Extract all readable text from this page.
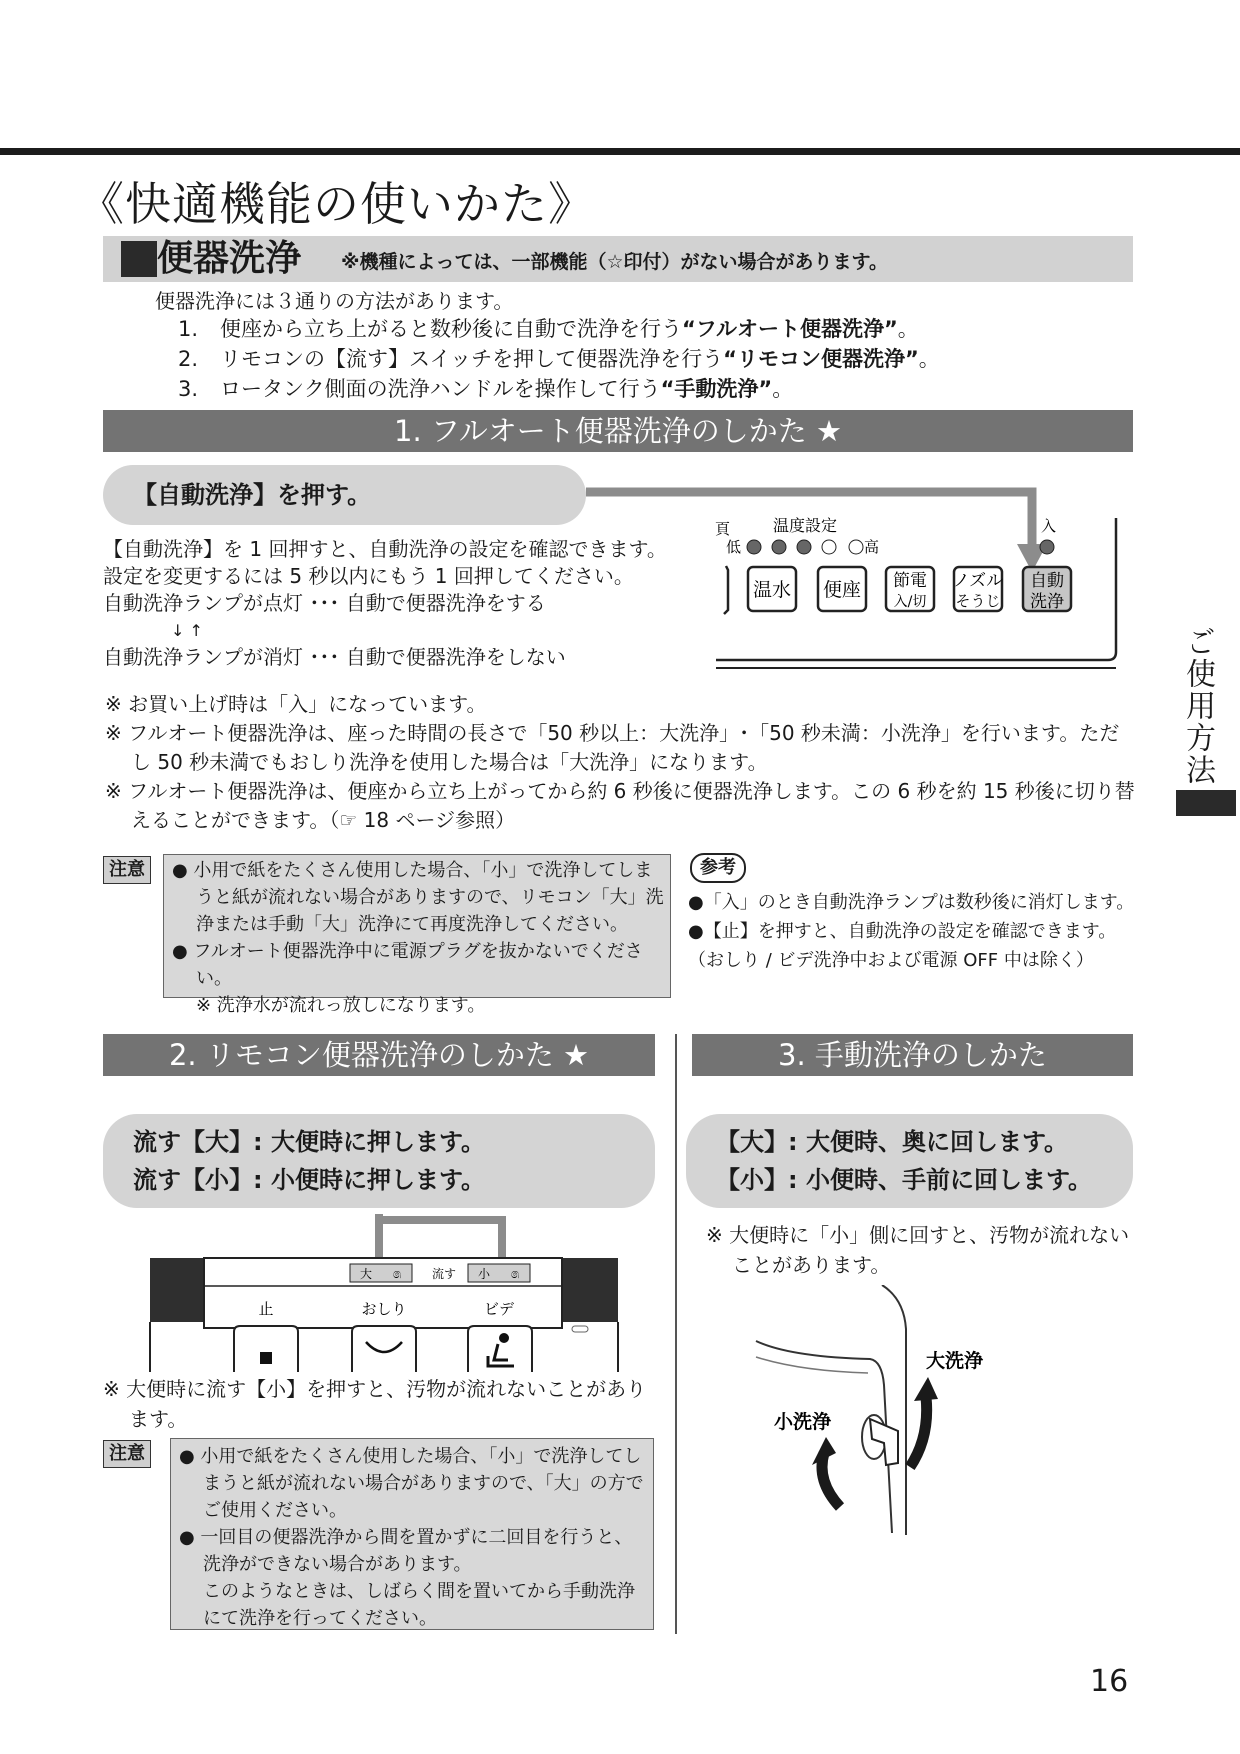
《快適機能の使いかた》
便器洗浄 ※機種によっては、一部機能（☆印付）がない場合があります。
便器洗浄には３通りの方法があります。
1. 便座から立ち上がると数秒後に自動で洗浄を行う“フルオート便器洗浄”。
2. リモコンの【流す】スイッチを押して便器洗浄を行う“リモコン便器洗浄”。
3. ロータンク側面の洗浄ハンドルを操作して行う“手動洗浄”。
1. フルオート便器洗浄のしかた ★
【自動洗浄】を押す。
頁	温度設定
低	高
入
温水 便座 節電
入/切
ノズル
そうじ
自動
洗浄
【自動洗浄】を 1 回押すと、自動洗浄の設定を確認できます。
設定を変更するには 5 秒以内にもう 1 回押してください。
自動洗浄ランプが点灯 ･･･ 自動で便器洗浄をする
↓ ↑
自動洗浄ランプが消灯 ･･･ 自動で便器洗浄をしない
※ お買い上げ時は「入」になっています。
※ フルオート便器洗浄は、座った時間の長さで「50 秒以上：大洗浄」･「50 秒未満：小洗浄」を行います。ただし 50 秒未満でもおしり洗浄を使用した場合は「大洗浄」になります。
※ フルオート便器洗浄は、便座から立ち上がってから約 6 秒後に便器洗浄します。この 6 秒を約 15 秒後に切り替えることができます。（☞ 18 ページ参照）
注意	● 小用で紙をたくさん使用した場合、「小」で洗浄してしまうと紙が流れない場合がありますので、リモコン「大」洗浄または手動「大」洗浄にて再度洗浄してください。
● フルオート便器洗浄中に電源プラグを抜かないでください。
※ 洗浄水が流れっ放しになります。
参考
●「入」のとき自動洗浄ランプは数秒後に消灯します。
●【止】を押すと、自動洗浄の設定を確認できます。
（おしり / ビデ洗浄中および電源 OFF 中は除く）
2. リモコン便器洗浄のしかた ★
流す【大】: 大便時に押します。
流す【小】: 小便時に押します。
大 ෧	流す 小 ෧
止	おしり	ビデ
※ 大便時に流す【小】を押すと、汚物が流れないことがあります。
注意	● 小用で紙をたくさん使用した場合、「小」で洗浄してしまうと紙が流れない場合がありますので、「大」の方でご使用ください。
● 一回目の便器洗浄から間を置かずに二回目を行うと、洗浄ができない場合があります。
このようなときは、しばらく間を置いてから手動洗浄にて洗浄を行ってください。
3. 手動洗浄のしかた
【大】: 大便時、奥に回します。
【小】: 小便時、手前に回します。
※ 大便時に「小」側に回すと、汚物が流れないことがあります。
大洗浄
小洗浄
ご使用方法
16
